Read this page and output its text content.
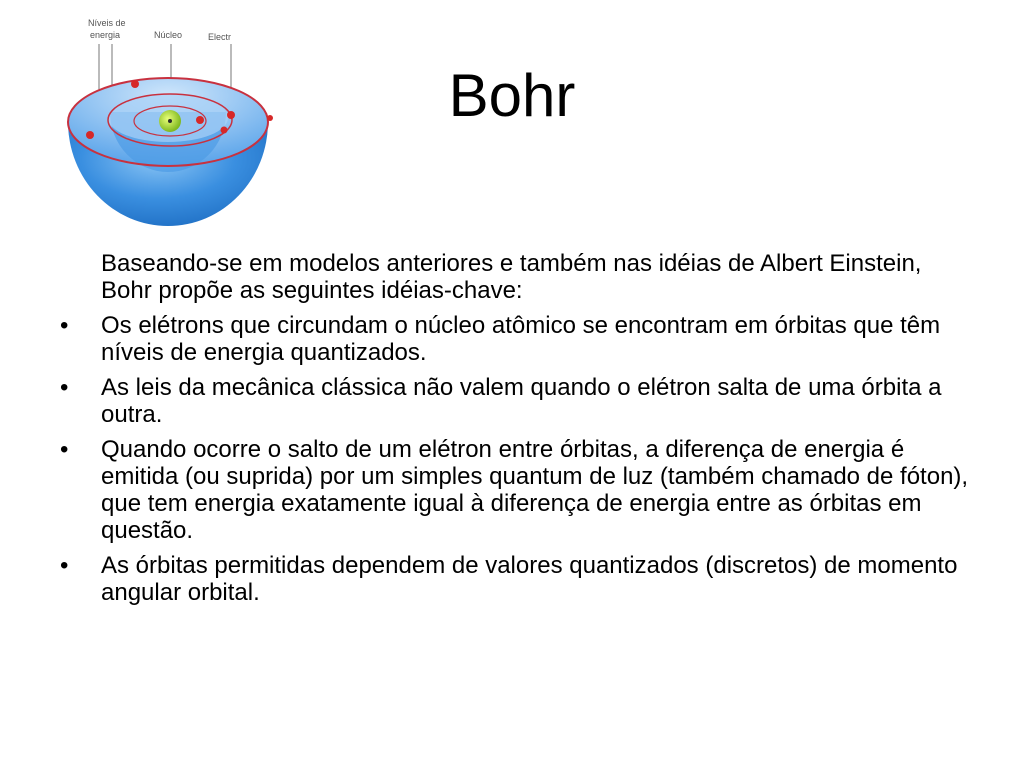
Níveis de
energia	Núcleo	Electr
Bohr

Baseando-se em modelos anteriores e também nas idéias de Albert Einstein, Bohr propõe as seguintes idéias-chave:

• Os elétrons que circundam o núcleo atômico se encontram em órbitas que têm níveis de energia quantizados.
• As leis da mecânica clássica não valem quando o elétron salta de uma órbita a outra.
• Quando ocorre o salto de um elétron entre órbitas, a diferença de energia é emitida (ou suprida) por um simples quantum de luz (também chamado de fóton), que tem energia exatamente igual à diferença de energia entre as órbitas em questão.
• As órbitas permitidas dependem de valores quantizados (discretos) de momento angular orbital.
